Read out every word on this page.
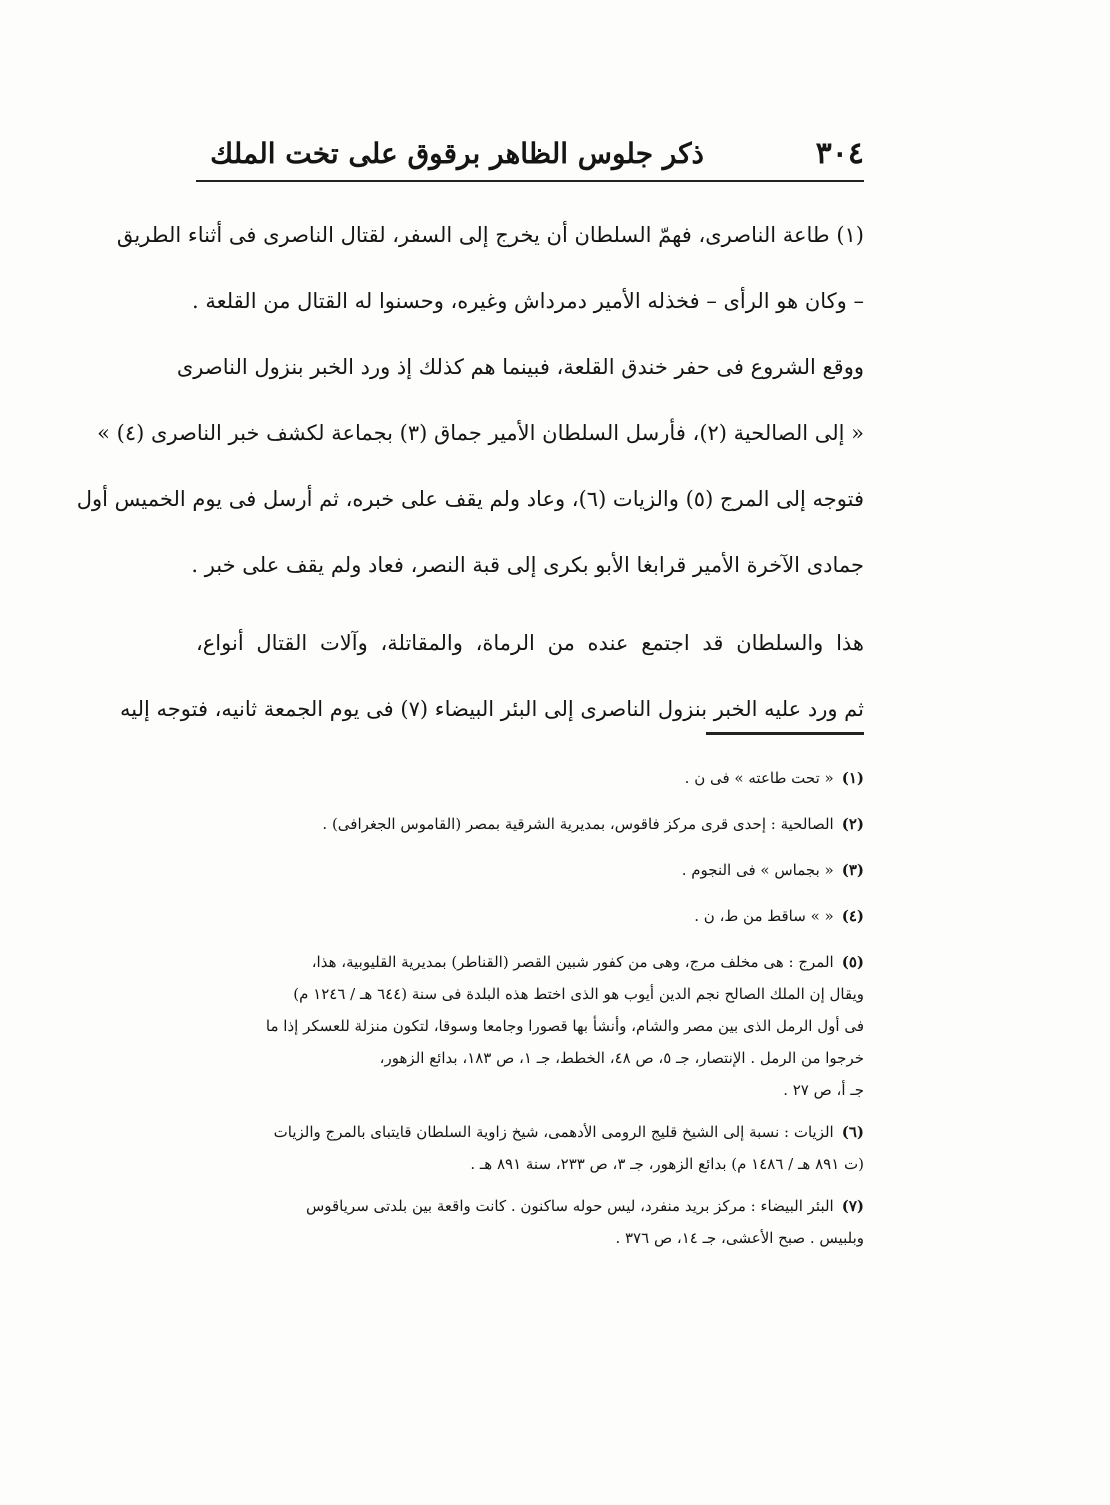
٣٠٤
ذكر جلوس الظاهر برقوق على تخت الملك
(١) طاعة الناصرى، فهمّ السلطان أن يخرج إلى السفر، لقتال الناصرى فى أثناء الطريق
– وكان هو الرأى – فخذله الأمير دمرداش وغيره، وحسنوا له القتال من القلعة .
ووقع الشروع فى حفر خندق القلعة، فبينما هم كذلك إذ ورد الخبر بنزول الناصرى
« إلى الصالحية (٢)، فأرسل السلطان الأمير جماق (٣) بجماعة لكشف خبر الناصرى (٤) »
فتوجه إلى المرج (٥) والزيات (٦)، وعاد ولم يقف على خبره، ثم أرسل فى يوم الخميس أول
جمادى الآخرة الأمير قرابغا الأبو بكرى إلى قبة النصر، فعاد ولم يقف على خبر .
هذا والسلطان قد اجتمع عنده من الرماة، والمقاتلة، وآلات القتال أنواع،
ثم ورد عليه الخبر بنزول الناصرى إلى البئر البيضاء (٧) فى يوم الجمعة ثانيه، فتوجه إليه
(١)« تحت طاعته » فى ن .
(٢)الصالحية : إحدى قرى مركز فاقوس، بمديرية الشرقية بمصر (القاموس الجغرافى) .
(٣)« بجماس » فى النجوم .
(٤)« » ساقط من ط، ن .
(٥)المرج : هى مخلف مرج، وهى من كفور شبين القصر (القناطر) بمديرية القليوبية، هذا،
ويقال إن الملك الصالح نجم الدين أيوب هو الذى اختط هذه البلدة فى سنة (٦٤٤ هـ / ١٢٤٦ م)
فى أول الرمل الذى بين مصر والشام، وأنشأ بها قصورا وجامعا وسوقا، لتكون منزلة للعسكر إذا ما
خرجوا من الرمل . الإنتصار، جـ ٥، ص ٤٨، الخطط، جـ ١، ص ١٨٣، بدائع الزهور،
جـ أ، ص ٢٧ .
(٦)الزيات : نسبة إلى الشيخ قليج الرومى الأدهمى، شيخ زاوية السلطان قايتباى بالمرج والزيات
(ت ٨٩١ هـ / ١٤٨٦ م) بدائع الزهور، جـ ٣، ص ٢٣٣، سنة ٨٩١ هـ .
(٧)البئر البيضاء : مركز بريد منفرد، ليس حوله ساكنون . كانت واقعة بين بلدتى سرياقوس
وبلبيس . صبح الأعشى، جـ ١٤، ص ٣٧٦ .
